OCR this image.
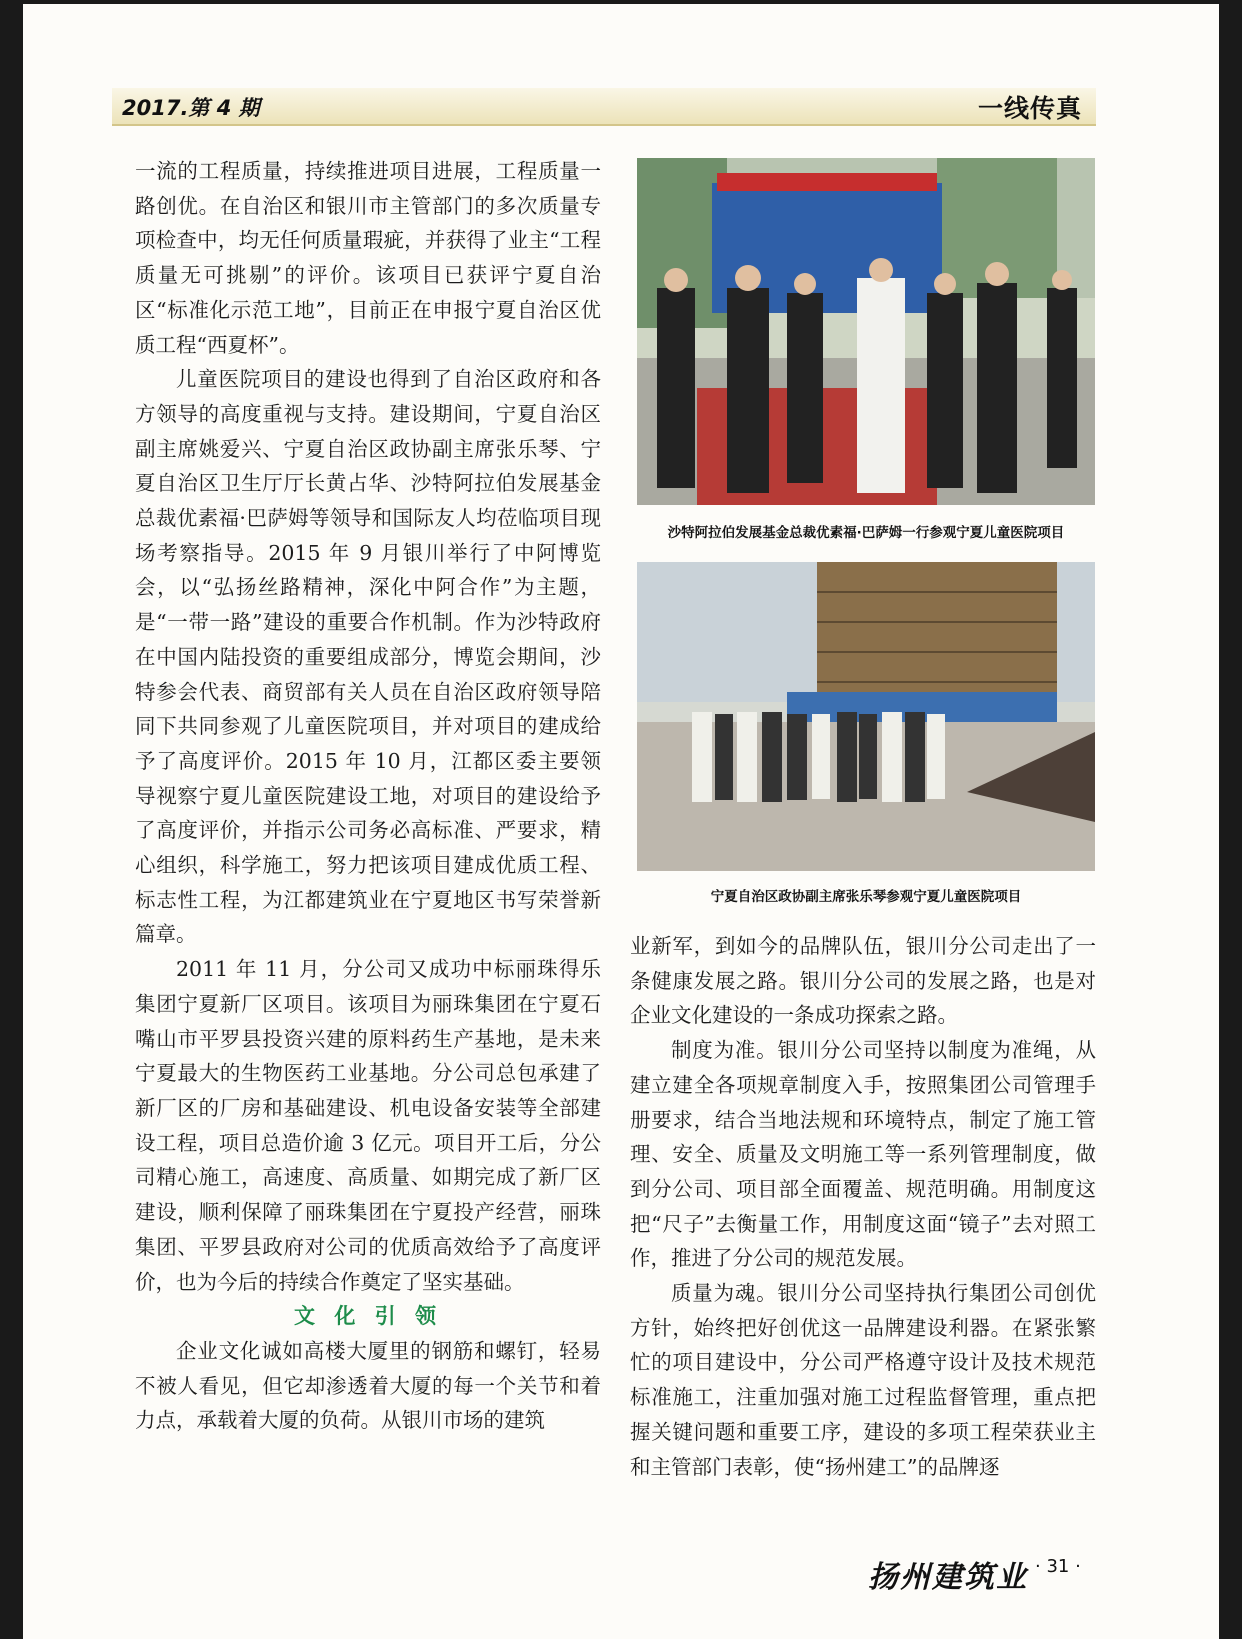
2017.第 4 期	一线传真

一流的工程质量，持续推进项目进展，工程质量一路创优。在自治区和银川市主管部门的多次质量专项检查中，均无任何质量瑕疵，并获得了业主“工程质量无可挑剔”的评价。该项目已获评宁夏自治区“标准化示范工地”，目前正在申报宁夏自治区优质工程“西夏杯”。

儿童医院项目的建设也得到了自治区政府和各方领导的高度重视与支持。建设期间，宁夏自治区副主席姚爱兴、宁夏自治区政协副主席张乐琴、宁夏自治区卫生厅厅长黄占华、沙特阿拉伯发展基金总裁优素福·巴萨姆等领导和国际友人均莅临项目现场考察指导。2015 年 9 月银川举行了中阿博览会，以“弘扬丝路精神，深化中阿合作”为主题，是“一带一路”建设的重要合作机制。作为沙特政府在中国内陆投资的重要组成部分，博览会期间，沙特参会代表、商贸部有关人员在自治区政府领导陪同下共同参观了儿童医院项目，并对项目的建成给予了高度评价。2015 年 10 月，江都区委主要领导视察宁夏儿童医院建设工地，对项目的建设给予了高度评价，并指示公司务必高标准、严要求，精心组织，科学施工，努力把该项目建成优质工程、标志性工程，为江都建筑业在宁夏地区书写荣誉新篇章。

2011 年 11 月，分公司又成功中标丽珠得乐集团宁夏新厂区项目。该项目为丽珠集团在宁夏石嘴山市平罗县投资兴建的原料药生产基地，是未来宁夏最大的生物医药工业基地。分公司总包承建了新厂区的厂房和基础建设、机电设备安装等全部建设工程，项目总造价逾 3 亿元。项目开工后，分公司精心施工，高速度、高质量、如期完成了新厂区建设，顺利保障了丽珠集团在宁夏投产经营，丽珠集团、平罗县政府对公司的优质高效给予了高度评价，也为今后的持续合作奠定了坚实基础。

文 化 引 领

企业文化诚如高楼大厦里的钢筋和螺钉，轻易不被人看见，但它却渗透着大厦的每一个关节和着力点，承载着大厦的负荷。从银川市场的建筑

沙特阿拉伯发展基金总裁优素福·巴萨姆一行参观宁夏儿童医院项目
宁夏自治区政协副主席张乐琴参观宁夏儿童医院项目

业新军，到如今的品牌队伍，银川分公司走出了一条健康发展之路。银川分公司的发展之路，也是对企业文化建设的一条成功探索之路。

制度为准。银川分公司坚持以制度为准绳，从建立建全各项规章制度入手，按照集团公司管理手册要求，结合当地法规和环境特点，制定了施工管理、安全、质量及文明施工等一系列管理制度，做到分公司、项目部全面覆盖、规范明确。用制度这把“尺子”去衡量工作，用制度这面“镜子”去对照工作，推进了分公司的规范发展。

质量为魂。银川分公司坚持执行集团公司创优方针，始终把好创优这一品牌建设利器。在紧张繁忙的项目建设中，分公司严格遵守设计及技术规范标准施工，注重加强对施工过程监督管理，重点把握关键问题和重要工序，建设的多项工程荣获业主和主管部门表彰，使“扬州建工”的品牌逐

扬州建筑业 · 31 ·
